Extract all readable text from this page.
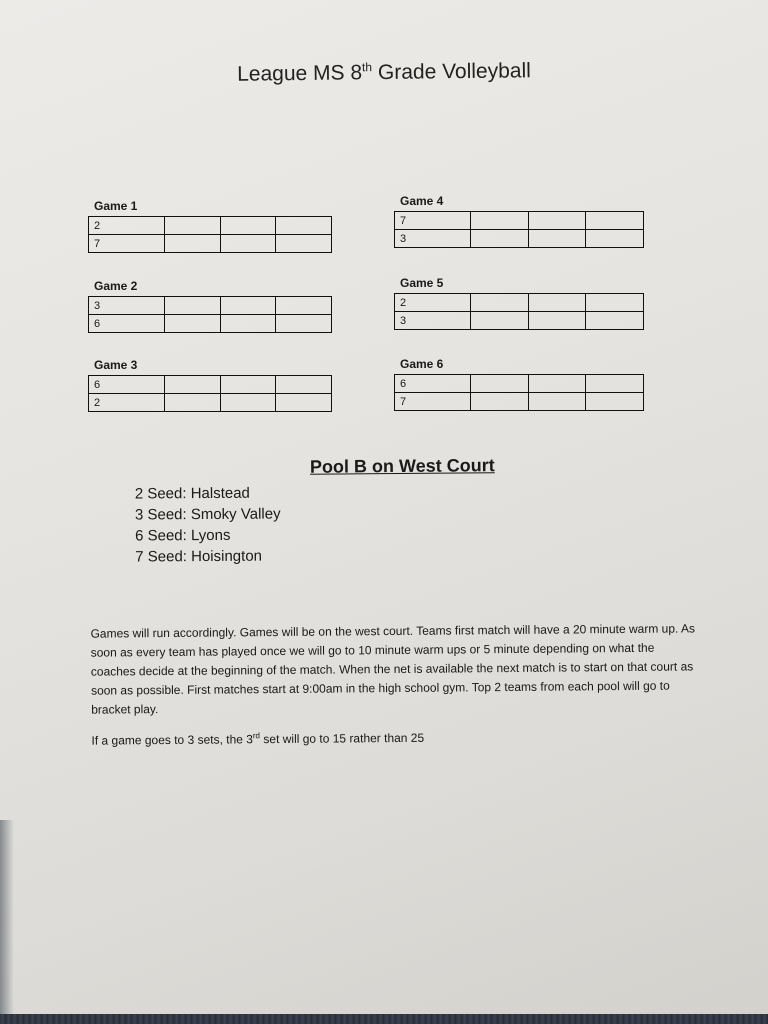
League MS 8th Grade Volleyball
Game 1
2			
7			
Game 2
3			
6			
Game 3
6			
2			
Game 4
7			
3			
Game 5
2			
3			
Game 6
6			
7			
Pool B on West Court
2 Seed: Halstead
3 Seed: Smoky Valley
6 Seed: Lyons
7 Seed: Hoisington

Games will run accordingly. Games will be on the west court. Teams first match will have a 20 minute warm up. As soon as every team has played once we will go to 10 minute warm ups or 5 minute depending on what the coaches decide at the beginning of the match. When the net is available the next match is to start on that court as soon as possible. First matches start at 9:00am in the high school gym. Top 2 teams from each pool will go to bracket play.

If a game goes to 3 sets, the 3rd set will go to 15 rather than 25
